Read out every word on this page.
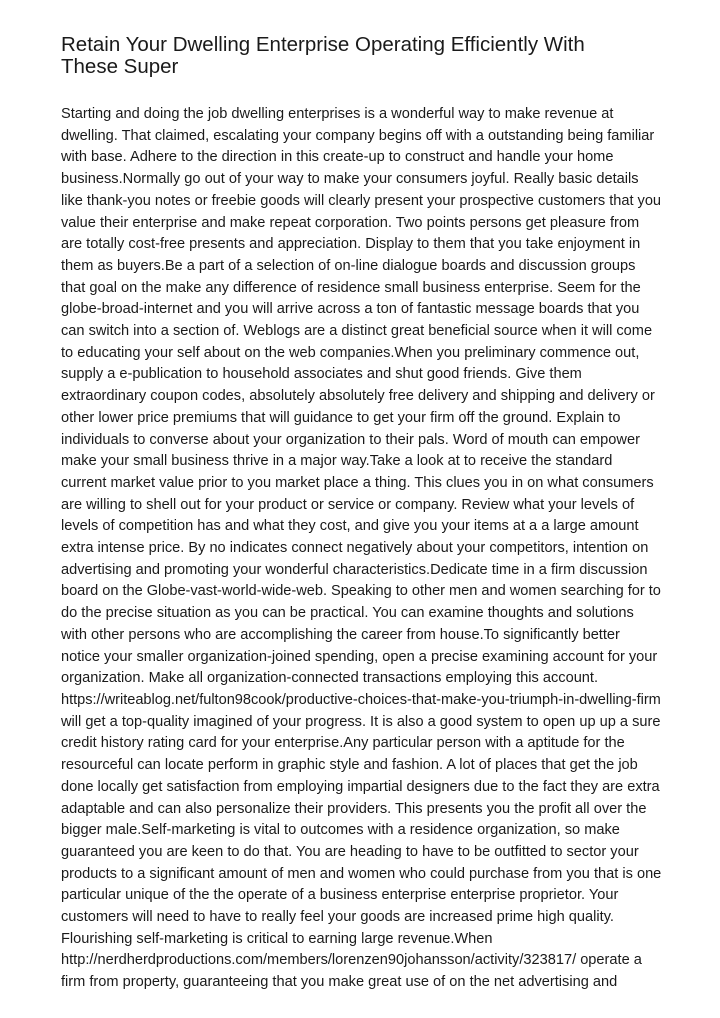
Retain Your Dwelling Enterprise Operating Efficiently With
These Super
Starting and doing the job dwelling enterprises is a wonderful way to make revenue at
dwelling. That claimed, escalating your company begins off with a outstanding being familiar
with base. Adhere to the direction in this create-up to construct and handle your home
business.Normally go out of your way to make your consumers joyful. Really basic details
like thank-you notes or freebie goods will clearly present your prospective customers that you
value their enterprise and make repeat corporation. Two points persons get pleasure from
are totally cost-free presents and appreciation. Display to them that you take enjoyment in
them as buyers.Be a part of a selection of on-line dialogue boards and discussion groups
that goal on the make any difference of residence small business enterprise. Seem for the
globe-broad-internet and you will arrive across a ton of fantastic message boards that you
can switch into a section of. Weblogs are a distinct great beneficial source when it will come
to educating your self about on the web companies.When you preliminary commence out,
supply a e-publication to household associates and shut good friends. Give them
extraordinary coupon codes, absolutely absolutely free delivery and shipping and delivery or
other lower price premiums that will guidance to get your firm off the ground. Explain to
individuals to converse about your organization to their pals. Word of mouth can empower
make your small business thrive in a major way.Take a look at to receive the standard
current market value prior to you market place a thing. This clues you in on what consumers
are willing to shell out for your product or service or company. Review what your levels of
levels of competition has and what they cost, and give you your items at a a large amount
extra intense price. By no indicates connect negatively about your competitors, intention on
advertising and promoting your wonderful characteristics.Dedicate time in a firm discussion
board on the Globe-vast-world-wide-web. Speaking to other men and women searching for to
do the precise situation as you can be practical. You can examine thoughts and solutions
with other persons who are accomplishing the career from house.To significantly better
notice your smaller organization-joined spending, open a precise examining account for your
organization. Make all organization-connected transactions employing this account.
https://writeablog.net/fulton98cook/productive-choices-that-make-you-triumph-in-dwelling-firm
will get a top-quality imagined of your progress. It is also a good system to open up up a sure
credit history rating card for your enterprise.Any particular person with a aptitude for the
resourceful can locate perform in graphic style and fashion. A lot of places that get the job
done locally get satisfaction from employing impartial designers due to the fact they are extra
adaptable and can also personalize their providers. This presents you the profit all over the
bigger male.Self-marketing is vital to outcomes with a residence organization, so make
guaranteed you are keen to do that. You are heading to have to be outfitted to sector your
products to a significant amount of men and women who could purchase from you that is one
particular unique of the the operate of a business enterprise enterprise proprietor. Your
customers will need to have to really feel your goods are increased prime high quality.
Flourishing self-marketing is critical to earning large revenue.When
http://nerdherdproductions.com/members/lorenzen90johansson/activity/323817/ operate a
firm from property, guaranteeing that you make great use of on the net advertising and
